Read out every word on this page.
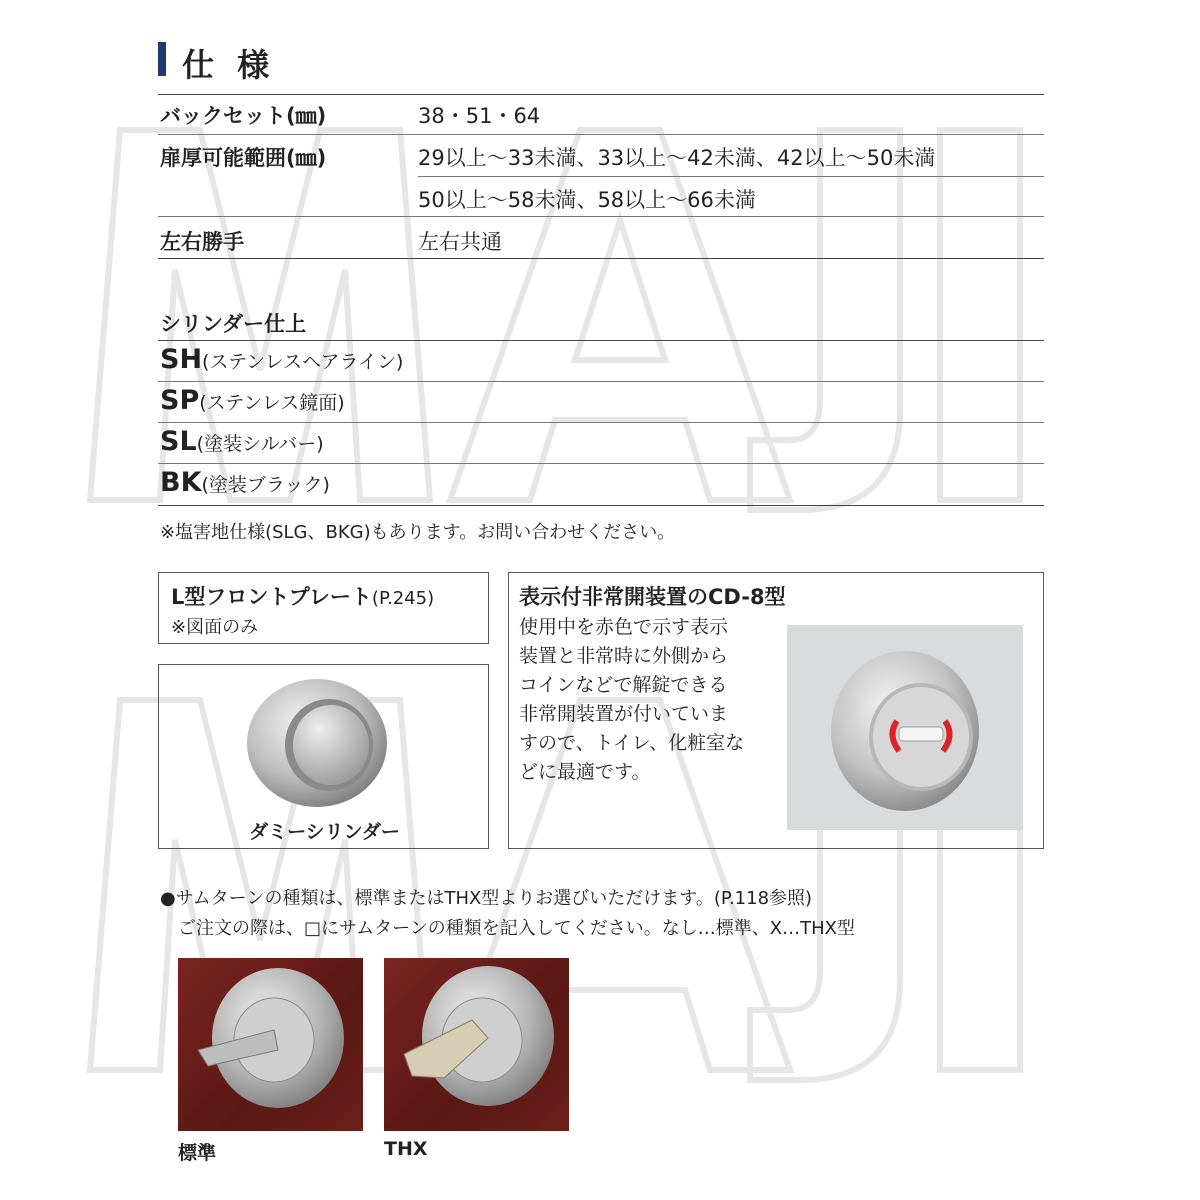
仕 様
バックセット(㎜)	38・51・64
扉厚可能範囲(㎜)	29以上～33未満、33以上～42未満、42以上～50未満
50以上～58未満、58以上～66未満
左右勝手	左右共通
シリンダー仕上
SH(ステンレスヘアライン)
SP(ステンレス鏡面)
SL(塗装シルバー)
BK(塗装ブラック)
※塩害地仕様(SLG、BKG)もあります。お問い合わせください。
L型フロントプレート(P.245)
※図面のみ
ダミーシリンダー
表示付非常開装置のCD-8型
使用中を赤色で示す表示
装置と非常時に外側から
コインなどで解錠できる
非常開装置が付いていま
すので、トイレ、化粧室な
どに最適です。
●サムターンの種類は、標準またはTHX型よりお選びいただけます。(P.118参照)
ご注文の際は、□にサムターンの種類を記入してください。なし…標準、X…THX型
標準	THX
